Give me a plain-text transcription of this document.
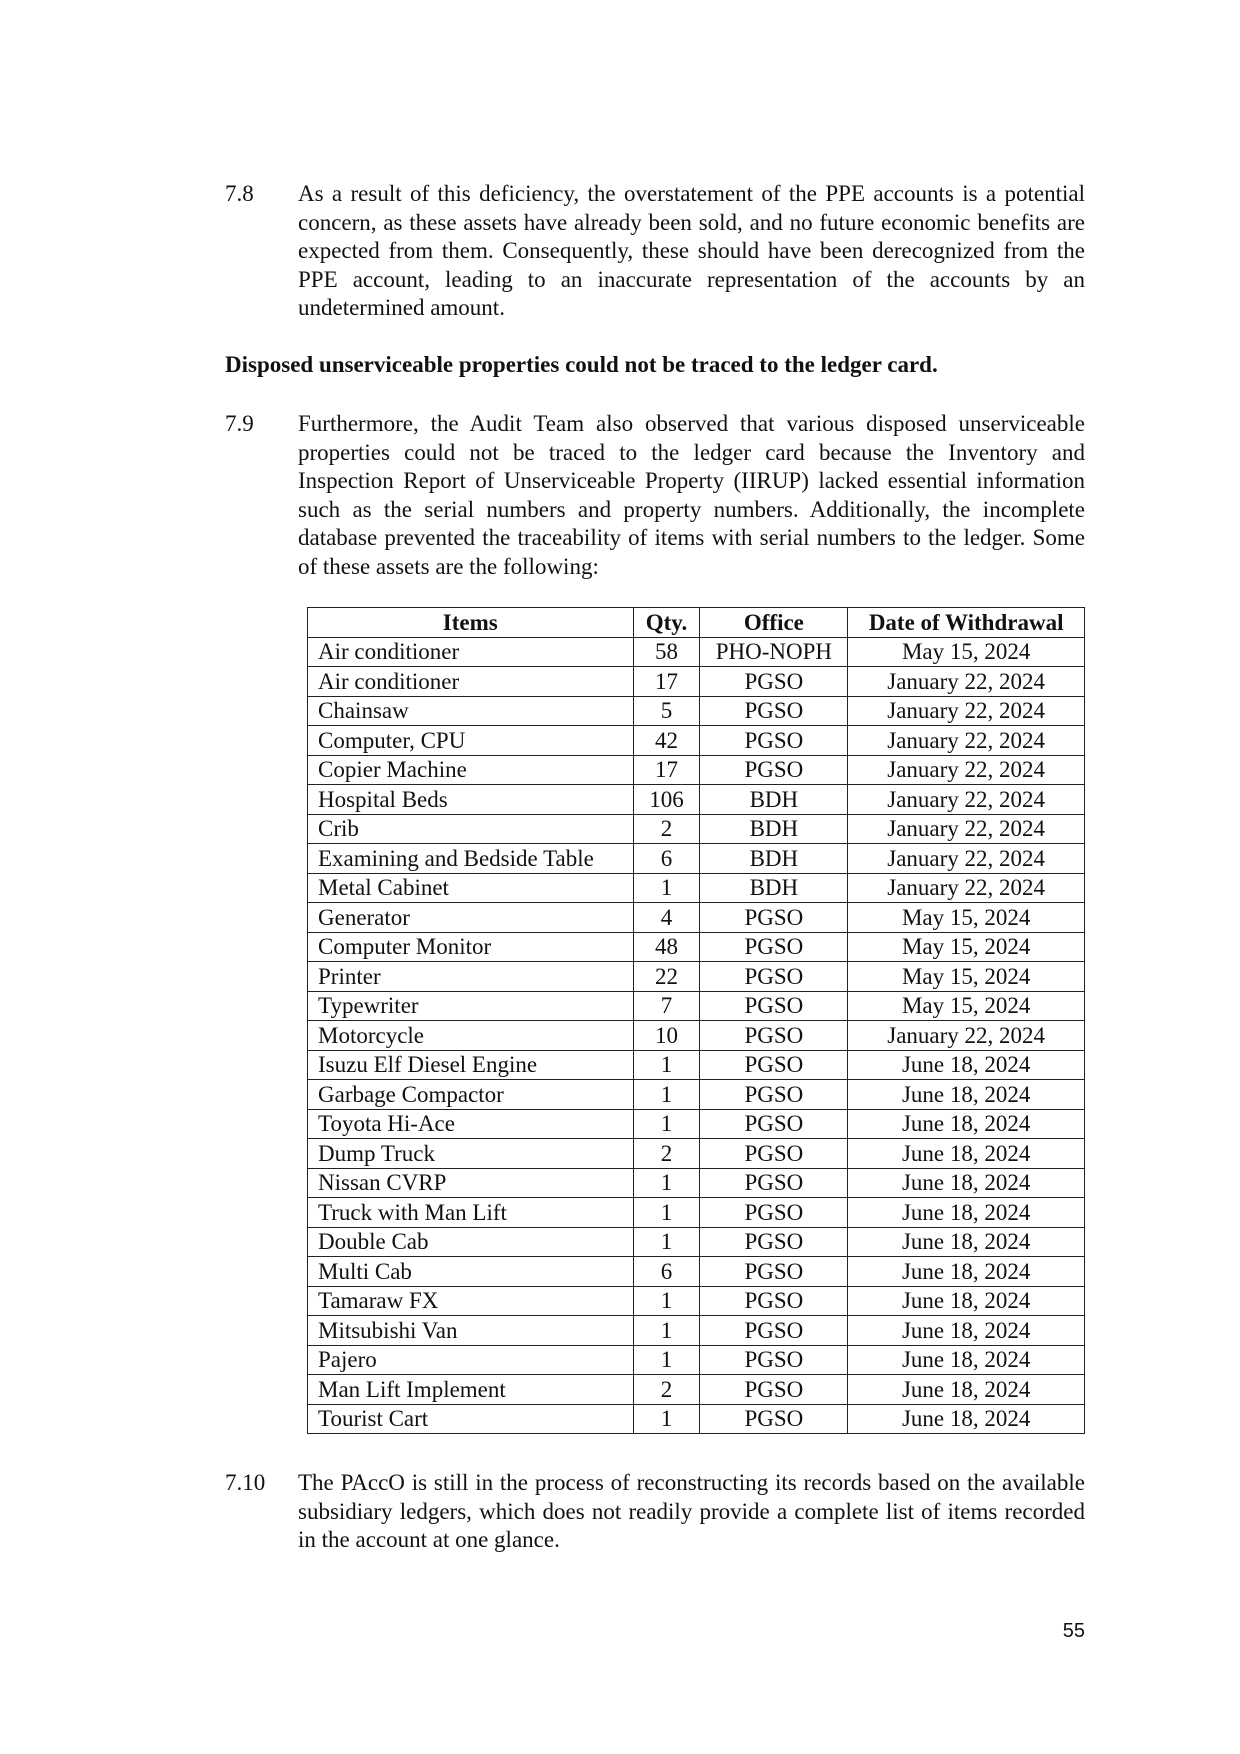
7.8	As a result of this deficiency, the overstatement of the PPE accounts is a potential concern, as these assets have already been sold, and no future economic benefits are expected from them. Consequently, these should have been derecognized from the PPE account, leading to an inaccurate representation of the accounts by an undetermined amount.
Disposed unserviceable properties could not be traced to the ledger card.
7.9	Furthermore, the Audit Team also observed that various disposed unserviceable properties could not be traced to the ledger card because the Inventory and Inspection Report of Unserviceable Property (IIRUP) lacked essential information such as the serial numbers and property numbers. Additionally, the incomplete database prevented the traceability of items with serial numbers to the ledger. Some of these assets are the following:
Items	Qty.	Office	Date of Withdrawal
Air conditioner	58	PHO-NOPH	May 15, 2024
Air conditioner	17	PGSO	January 22, 2024
Chainsaw	5	PGSO	January 22, 2024
Computer, CPU	42	PGSO	January 22, 2024
Copier Machine	17	PGSO	January 22, 2024
Hospital Beds	106	BDH	January 22, 2024
Crib	2	BDH	January 22, 2024
Examining and Bedside Table	6	BDH	January 22, 2024
Metal Cabinet	1	BDH	January 22, 2024
Generator	4	PGSO	May 15, 2024
Computer Monitor	48	PGSO	May 15, 2024
Printer	22	PGSO	May 15, 2024
Typewriter	7	PGSO	May 15, 2024
Motorcycle	10	PGSO	January 22, 2024
Isuzu Elf Diesel Engine	1	PGSO	June 18, 2024
Garbage Compactor	1	PGSO	June 18, 2024
Toyota Hi-Ace	1	PGSO	June 18, 2024
Dump Truck	2	PGSO	June 18, 2024
Nissan CVRP	1	PGSO	June 18, 2024
Truck with Man Lift	1	PGSO	June 18, 2024
Double Cab	1	PGSO	June 18, 2024
Multi Cab	6	PGSO	June 18, 2024
Tamaraw FX	1	PGSO	June 18, 2024
Mitsubishi Van	1	PGSO	June 18, 2024
Pajero	1	PGSO	June 18, 2024
Man Lift Implement	2	PGSO	June 18, 2024
Tourist Cart	1	PGSO	June 18, 2024
7.10	The PAccO is still in the process of reconstructing its records based on the available subsidiary ledgers, which does not readily provide a complete list of items recorded in the account at one glance.
55
